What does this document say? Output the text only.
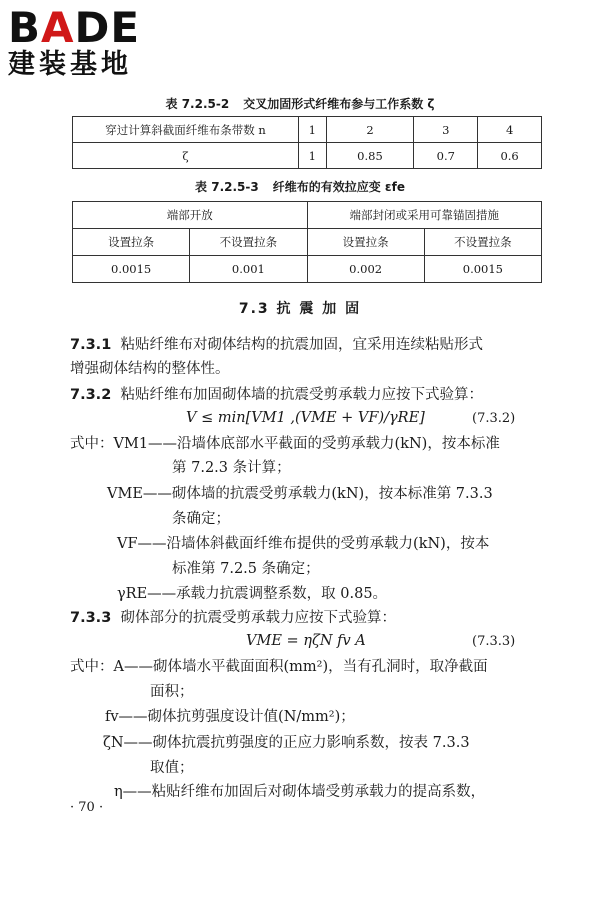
BADE
建装基地
表 7.2.5-2 交叉加固形式纤维布参与工作系数 ζ
穿过计算斜截面纤维布条带数 n	1	2	3	4
ζ	1	0.85	0.7	0.6
表 7.2.5-3 纤维布的有效拉应变 εfe
端部开放		端部封闭或采用可靠锚固措施	
设置拉条	不设置拉条	设置拉条	不设置拉条
0.0015	0.001	0.002	0.0015
7.3 抗 震 加 固
7.3.1 粘贴纤维布对砌体结构的抗震加固，宜采用连续粘贴形式
增强砌体结构的整体性。
7.3.2 粘贴纤维布加固砌体墙的抗震受剪承载力应按下式验算：
V ≤ min[VM1 ,(VME + VF)/γRE]	(7.3.2)
式中：VM1——沿墙体底部水平截面的受剪承载力(kN)，按本标准
第 7.2.3 条计算；
VME——砌体墙的抗震受剪承载力(kN)，按本标准第 7.3.3
条确定；
VF——沿墙体斜截面纤维布提供的受剪承载力(kN)，按本
标准第 7.2.5 条确定；
γRE——承载力抗震调整系数，取 0.85。
7.3.3 砌体部分的抗震受剪承载力应按下式验算：
VME = ηζN fv A	(7.3.3)
式中：A——砌体墙水平截面面积(mm²)，当有孔洞时，取净截面
面积；
fv——砌体抗剪强度设计值(N/mm²)；
ζN——砌体抗震抗剪强度的正应力影响系数，按表 7.3.3
取值；
η——粘贴纤维布加固后对砌体墙受剪承载力的提高系数，
· 70 ·
